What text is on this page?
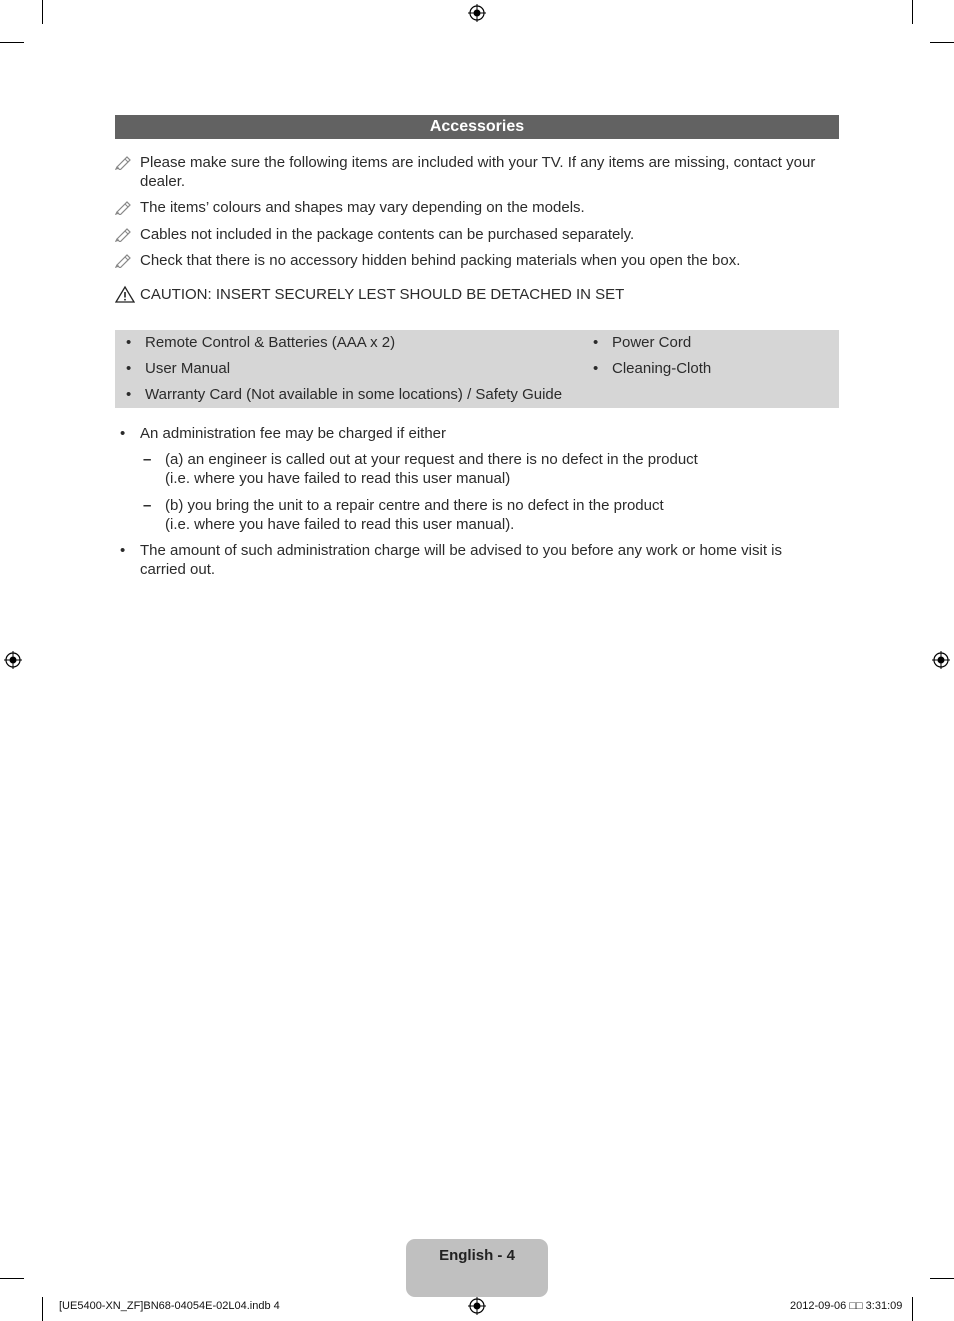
Accessories
Please make sure the following items are included with your TV. If any items are missing, contact your
dealer.
The items’ colours and shapes may vary depending on the models.
Cables not included in the package contents can be purchased separately.
Check that there is no accessory hidden behind packing materials when you open the box.
CAUTION: INSERT SECURELY LEST SHOULD BE DETACHED IN SET
• Remote Control & Batteries (AAA x 2)
• User Manual
• Warranty Card (Not available in some locations) / Safety Guide
• Power Cord
• Cleaning-Cloth
• An administration fee may be charged if either
– (a) an engineer is called out at your request and there is no defect in the product
(i.e. where you have failed to read this user manual)
– (b) you bring the unit to a repair centre and there is no defect in the product
(i.e. where you have failed to read this user manual).
• The amount of such administration charge will be advised to you before any work or home visit is
carried out.
English - 4
[UE5400-XN_ZF]BN68-04054E-02L04.indb 4	2012-09-06 □□ 3:31:09
